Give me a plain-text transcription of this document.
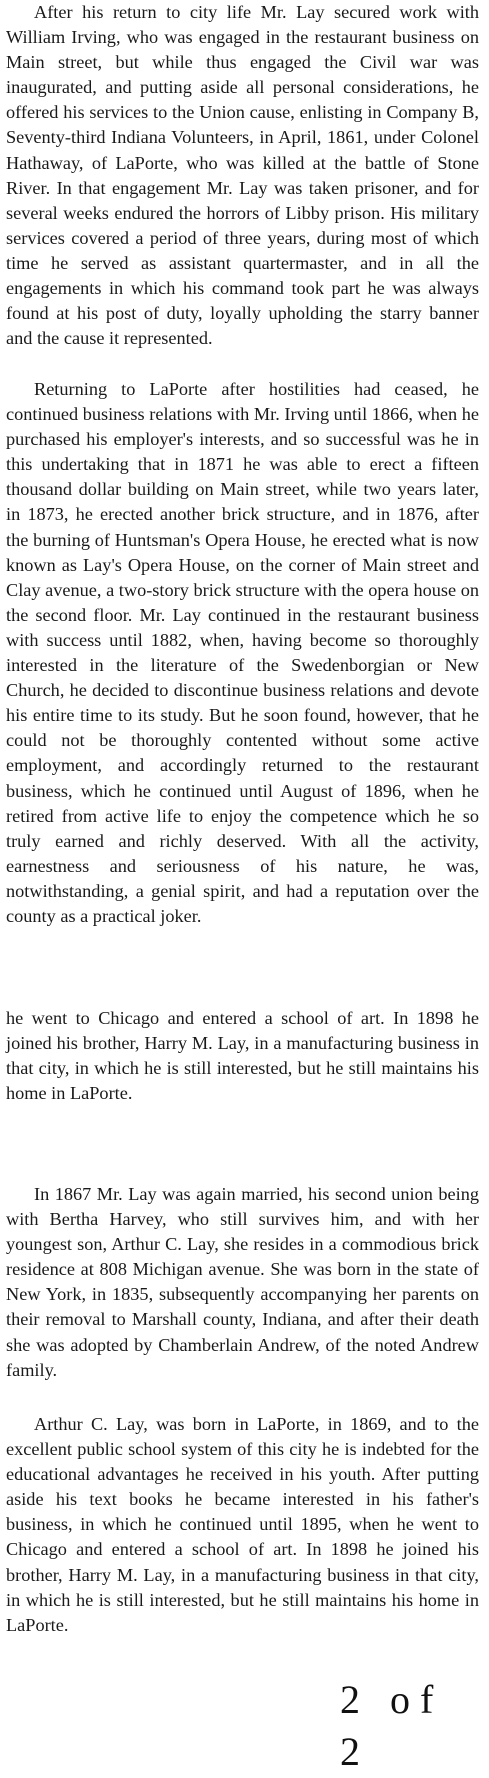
After his return to city life Mr. Lay secured work with William Irving, who was engaged in the restaurant business on Main street, but while thus engaged the Civil war was inaugurated, and putting aside all personal considerations, he offered his services to the Union cause, enlisting in Company B, Seventy-third Indiana Volunteers, in April, 1861, under Colonel Hathaway, of LaPorte, who was killed at the battle of Stone River. In that engagement Mr. Lay was taken prisoner, and for several weeks endured the horrors of Libby prison. His military services covered a period of three years, during most of which time he served as assistant quartermaster, and in all the engagements in which his command took part he was always found at his post of duty, loyally upholding the starry banner and the cause it represented.

Returning to LaPorte after hostilities had ceased, he continued business relations with Mr. Irving until 1866, when he purchased his employer's interests, and so successful was he in this undertaking that in 1871 he was able to erect a fifteen thousand dollar building on Main street, while two years later, in 1873, he erected another brick structure, and in 1876, after the burning of Huntsman's Opera House, he erected what is now known as Lay's Opera House, on the corner of Main street and Clay avenue, a two-story brick structure with the opera house on the second floor. Mr. Lay continued in the restaurant business with success until 1882, when, having become so thoroughly interested in the literature of the Swedenborgian or New Church, he decided to discontinue business relations and devote his entire time to its study. But he soon found, however, that he could not be thoroughly contented without some active employment, and accordingly returned to the restaurant business, which he continued until August of 1896, when he retired from active life to enjoy the competence which he so truly earned and richly deserved. With all the activity, earnestness and seriousness of his nature, he was, notwithstanding, a genial spirit, and had a reputation over the county as a practical joker.

he went to Chicago and entered a school of art. In 1898 he joined his brother, Harry M. Lay, in a manufacturing business in that city, in which he is still interested, but he still maintains his home in LaPorte.

In 1867 Mr. Lay was again married, his second union being with Bertha Harvey, who still survives him, and with her youngest son, Arthur C. Lay, she resides in a commodious brick residence at 808 Michigan avenue. She was born in the state of New York, in 1835, subsequently accompanying her parents on their removal to Marshall county, Indiana, and after their death she was adopted by Chamberlain Andrew, of the noted Andrew family.

Arthur C. Lay, was born in LaPorte, in 1869, and to the excellent public school system of this city he is indebted for the educational advantages he received in his youth. After putting aside his text books he became interested in his father's business, in which he continued until 1895, when he went to Chicago and entered a school of art. In 1898 he joined his brother, Harry M. Lay, in a manufacturing business in that city, in which he is still interested, but he still maintains his home in LaPorte.

2 of 2
